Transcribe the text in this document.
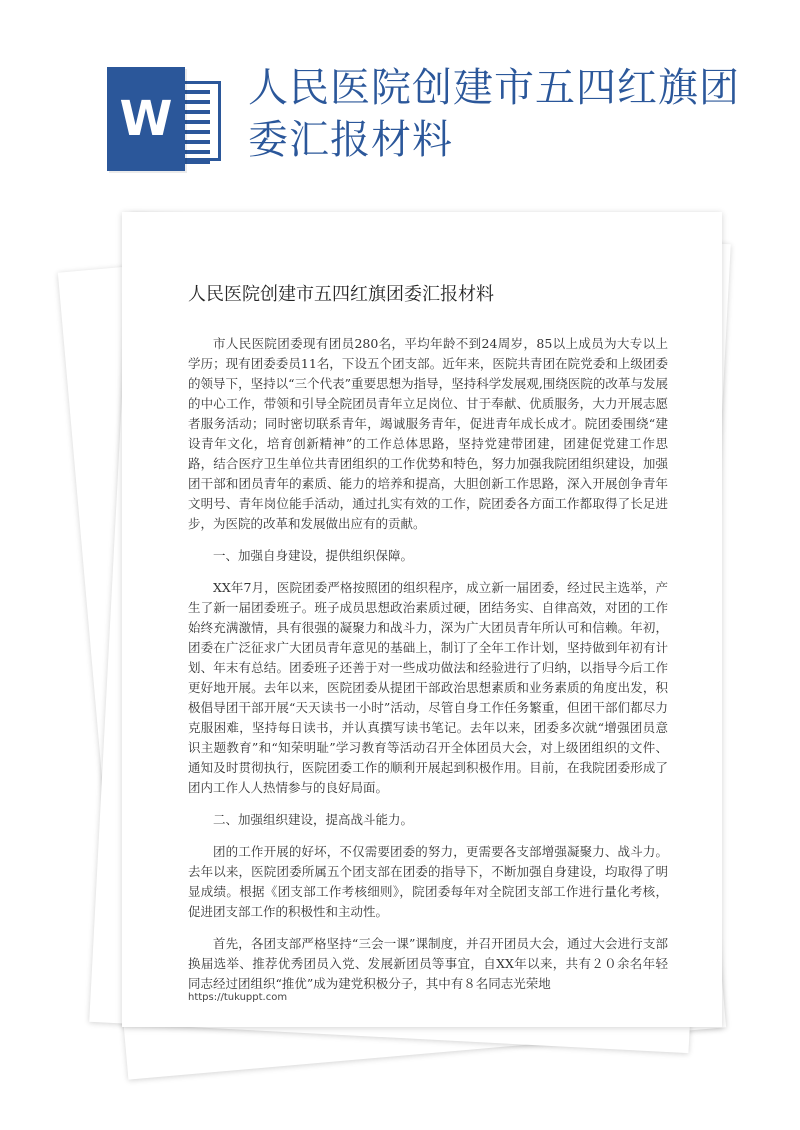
W
人民医院创建市五四红旗团委汇报材料
人民医院创建市五四红旗团委汇报材料

市人民医院团委现有团员280名，平均年龄不到24周岁，85以上成员为大专以上学历；现有团委委员11名，下设五个团支部。近年来，医院共青团在院党委和上级团委的领导下，坚持以“三个代表”重要思想为指导，坚持科学发展观,围绕医院的改革与发展的中心工作，带领和引导全院团员青年立足岗位、甘于奉献、优质服务，大力开展志愿者服务活动；同时密切联系青年，竭诚服务青年，促进青年成长成才。院团委围绕“建设青年文化，培育创新精神”的工作总体思路，坚持党建带团建，团建促党建工作思路，结合医疗卫生单位共青团组织的工作优势和特色，努力加强我院团组织建设，加强团干部和团员青年的素质、能力的培养和提高，大胆创新工作思路，深入开展创争青年文明号、青年岗位能手活动，通过扎实有效的工作，院团委各方面工作都取得了长足进步，为医院的改革和发展做出应有的贡献。

一、加强自身建设，提供组织保障。

XX年7月，医院团委严格按照团的组织程序，成立新一届团委，经过民主选举，产生了新一届团委班子。班子成员思想政治素质过硬，团结务实、自律高效，对团的工作始终充满激情，具有很强的凝聚力和战斗力，深为广大团员青年所认可和信赖。年初，团委在广泛征求广大团员青年意见的基础上，制订了全年工作计划，坚持做到年初有计划、年末有总结。团委班子还善于对一些成功做法和经验进行了归纳，以指导今后工作更好地开展。去年以来，医院团委从提团干部政治思想素质和业务素质的角度出发，积极倡导团干部开展“天天读书一小时”活动，尽管自身工作任务繁重，但团干部们都尽力克服困难，坚持每日读书，并认真撰写读书笔记。去年以来，团委多次就“增强团员意识主题教育”和“知荣明耻”学习教育等活动召开全体团员大会，对上级团组织的文件、通知及时贯彻执行，医院团委工作的顺利开展起到积极作用。目前，在我院团委形成了团内工作人人热情参与的良好局面。

二、加强组织建设，提高战斗能力。

团的工作开展的好坏，不仅需要团委的努力，更需要各支部增强凝聚力、战斗力。去年以来，医院团委所属五个团支部在团委的指导下，不断加强自身建设，均取得了明显成绩。根据《团支部工作考核细则》，院团委每年对全院团支部工作进行量化考核，促进团支部工作的积极性和主动性。

首先，各团支部严格坚持“三会一课”课制度，并召开团员大会，通过大会进行支部换届选举、推荐优秀团员入党、发展新团员等事宜，自XX年以来，共有２０余名年轻同志经过团组织“推优”成为建党积极分子，其中有８名同志光荣地

https://tukuppt.com
